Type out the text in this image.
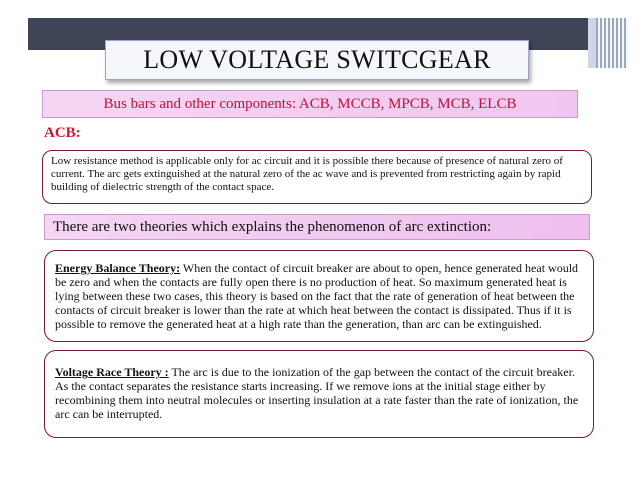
LOW VOLTAGE SWITCGEAR
Bus bars and other components: ACB, MCCB, MPCB, MCB, ELCB
ACB:
Low resistance method is applicable only for ac circuit and it is possible there because of presence of natural zero of current. The arc gets extinguished at the natural zero of the ac wave and is prevented from restricting again by rapid building of dielectric strength of the contact space.
There are two theories which explains the phenomenon of arc extinction:
Energy Balance Theory: When the contact of circuit breaker are about to open, hence generated heat would be zero and when the contacts are fully open there is no production of heat. So maximum generated heat is lying between these two cases, this theory is based on the fact that the rate of generation of heat between the contacts of circuit breaker is lower than the rate at which heat between the contact is dissipated. Thus if it is possible to remove the generated heat at a high rate than the generation, than arc can be extinguished.
Voltage Race Theory : The arc is due to the ionization of the gap between the contact of the circuit breaker. As the contact separates the resistance starts increasing. If we remove ions at the initial stage either by recombining them into neutral molecules or inserting insulation at a rate faster than the rate of ionization, the arc can be interrupted.
